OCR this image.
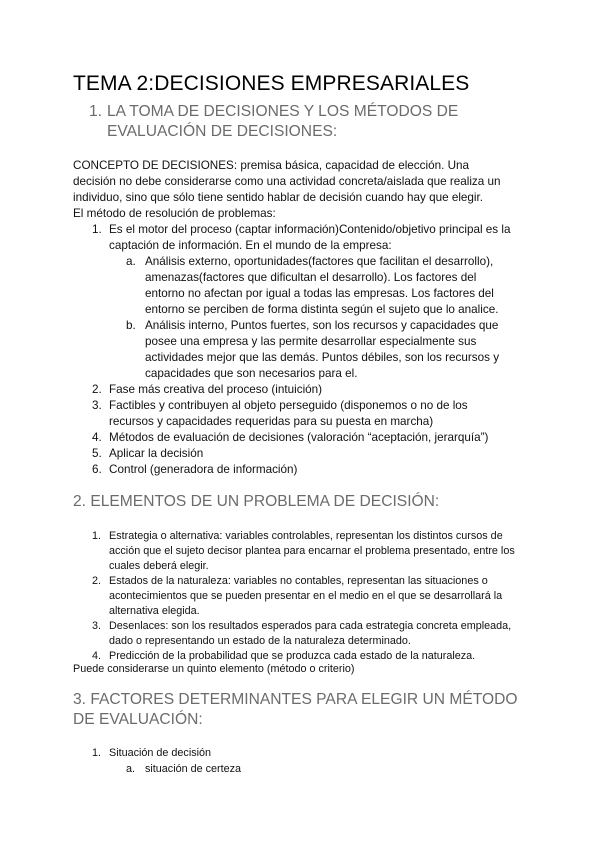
TEMA 2:DECISIONES EMPRESARIALES
1. LA TOMA DE DECISIONES Y LOS MÉTODOS DE
EVALUACIÓN DE DECISIONES:
CONCEPTO DE DECISIONES: premisa básica, capacidad de elección. Una
decisión no debe considerarse como una actividad concreta/aislada que realiza un
individuo, sino que sólo tiene sentido hablar de decisión cuando hay que elegir.
El método de resolución de problemas:
1. Es el motor del proceso (captar información)Contenido/objetivo principal es la
captación de información. En el mundo de la empresa:
a. Análisis externo, oportunidades(factores que facilitan el desarrollo),
amenazas(factores que dificultan el desarrollo). Los factores del
entorno no afectan por igual a todas las empresas. Los factores del
entorno se perciben de forma distinta según el sujeto que lo analice.
b. Análisis interno, Puntos fuertes, son los recursos y capacidades que
posee una empresa y las permite desarrollar especialmente sus
actividades mejor que las demás. Puntos débiles, son los recursos y
capacidades que son necesarios para el.
2. Fase más creativa del proceso (intuición)
3. Factibles y contribuyen al objeto perseguido (disponemos o no de los
recursos y capacidades requeridas para su puesta en marcha)
4. Métodos de evaluación de decisiones (valoración “aceptación, jerarquía”)
5. Aplicar la decisión
6. Control (generadora de información)
2. ELEMENTOS DE UN PROBLEMA DE DECISIÓN:
1. Estrategia o alternativa: variables controlables, representan los distintos cursos de
acción que el sujeto decisor plantea para encarnar el problema presentado, entre los
cuales deberá elegir.
2. Estados de la naturaleza: variables no contables, representan las situaciones o
acontecimientos que se pueden presentar en el medio en el que se desarrollará la
alternativa elegida.
3. Desenlaces: son los resultados esperados para cada estrategia concreta empleada,
dado o representando un estado de la naturaleza determinado.
4. Predicción de la probabilidad que se produzca cada estado de la naturaleza.
Puede considerarse un quinto elemento (método o criterio)
3. FACTORES DETERMINANTES PARA ELEGIR UN MÉTODO
DE EVALUACIÓN:
1. Situación de decisión
a. situación de certeza
